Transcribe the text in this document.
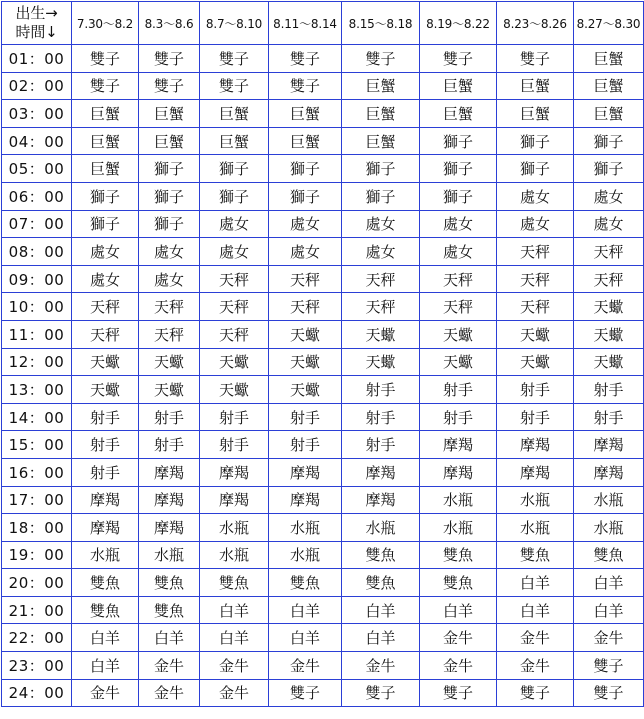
出生→
時間↓	7.30～8.2	8.3～8.6	8.7～8.10	8.11～8.14	8.15～8.18	8.19～8.22	8.23～8.26	8.27～8.30
01：00	雙子	雙子	雙子	雙子	雙子	雙子	雙子	巨蟹
02：00	雙子	雙子	雙子	雙子	巨蟹	巨蟹	巨蟹	巨蟹
03：00	巨蟹	巨蟹	巨蟹	巨蟹	巨蟹	巨蟹	巨蟹	巨蟹
04：00	巨蟹	巨蟹	巨蟹	巨蟹	巨蟹	獅子	獅子	獅子
05：00	巨蟹	獅子	獅子	獅子	獅子	獅子	獅子	獅子
06：00	獅子	獅子	獅子	獅子	獅子	獅子	處女	處女
07：00	獅子	獅子	處女	處女	處女	處女	處女	處女
08：00	處女	處女	處女	處女	處女	處女	天秤	天秤
09：00	處女	處女	天秤	天秤	天秤	天秤	天秤	天秤
10：00	天秤	天秤	天秤	天秤	天秤	天秤	天秤	天蠍
11：00	天秤	天秤	天秤	天蠍	天蠍	天蠍	天蠍	天蠍
12：00	天蠍	天蠍	天蠍	天蠍	天蠍	天蠍	天蠍	天蠍
13：00	天蠍	天蠍	天蠍	天蠍	射手	射手	射手	射手
14：00	射手	射手	射手	射手	射手	射手	射手	射手
15：00	射手	射手	射手	射手	射手	摩羯	摩羯	摩羯
16：00	射手	摩羯	摩羯	摩羯	摩羯	摩羯	摩羯	摩羯
17：00	摩羯	摩羯	摩羯	摩羯	摩羯	水瓶	水瓶	水瓶
18：00	摩羯	摩羯	水瓶	水瓶	水瓶	水瓶	水瓶	水瓶
19：00	水瓶	水瓶	水瓶	水瓶	雙魚	雙魚	雙魚	雙魚
20：00	雙魚	雙魚	雙魚	雙魚	雙魚	雙魚	白羊	白羊
21：00	雙魚	雙魚	白羊	白羊	白羊	白羊	白羊	白羊
22：00	白羊	白羊	白羊	白羊	白羊	金牛	金牛	金牛
23：00	白羊	金牛	金牛	金牛	金牛	金牛	金牛	雙子
24：00	金牛	金牛	金牛	雙子	雙子	雙子	雙子	雙子
